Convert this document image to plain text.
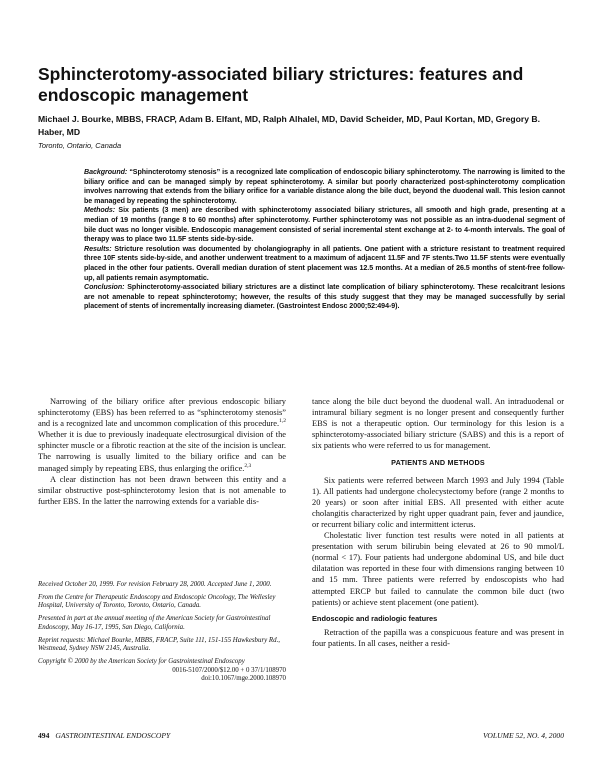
Sphincterotomy-associated biliary strictures: features and endoscopic management
Michael J. Bourke, MBBS, FRACP, Adam B. Elfant, MD, Ralph Alhalel, MD, David Scheider, MD, Paul Kortan, MD, Gregory B. Haber, MD
Toronto, Ontario, Canada

Background: “Sphincterotomy stenosis” is a recognized late complication of endoscopic biliary sphincterotomy. The narrowing is limited to the biliary orifice and can be managed simply by repeat sphincterotomy. A similar but poorly characterized post-sphincterotomy complication involves narrowing that extends from the biliary orifice for a variable distance along the bile duct, beyond the duodenal wall. This lesion cannot be managed by repeating the sphincterotomy.

Methods: Six patients (3 men) are described with sphincterotomy associated biliary strictures, all smooth and high grade, presenting at a median of 19 months (range 8 to 60 months) after sphincterotomy. Further sphincterotomy was not possible as an intra-duodenal segment of bile duct was no longer visible. Endoscopic management consisted of serial incremental stent exchange at 2- to 4-month intervals. The goal of therapy was to place two 11.5F stents side-by-side.

Results: Stricture resolution was documented by cholangiography in all patients. One patient with a stricture resistant to treatment required three 10F stents side-by-side, and another underwent treatment to a maximum of adjacent 11.5F and 7F stents.Two 11.5F stents were eventually placed in the other four patients. Overall median duration of stent placement was 12.5 months. At a median of 26.5 months of stent-free follow-up, all patients remain asymptomatic.

Conclusion: Sphincterotomy-associated biliary strictures are a distinct late complication of biliary sphincterotomy. These recalcitrant lesions are not amenable to repeat sphincterotomy; however, the results of this study suggest that they may be managed successfully by serial placement of stents of incrementally increasing diameter. (Gastrointest Endosc 2000;52:494-9).

Narrowing of the biliary orifice after previous endoscopic biliary sphincterotomy (EBS) has been referred to as “sphincterotomy stenosis” and is a recognized late and uncommon complication of this procedure.$^{1,2}$ Whether it is due to previously inadequate electrosurgical division of the sphincter muscle or a fibrotic reaction at the site of the incision is unclear. The narrowing is usually limited to the biliary orifice and can be managed simply by repeating EBS, thus enlarging the orifice.$^{2,3}$

A clear distinction has not been drawn between this entity and a similar obstructive post-sphincterotomy lesion that is not amenable to further EBS. In the latter the narrowing extends for a variable dis-

tance along the bile duct beyond the duodenal wall. An intraduodenal or intramural biliary segment is no longer present and consequently further EBS is not a therapeutic option. Our terminology for this lesion is a sphincterotomy-associated biliary stricture (SABS) and this is a report of six patients who were referred to us for management.

PATIENTS AND METHODS

Six patients were referred between March 1993 and July 1994 (Table 1). All patients had undergone cholecystectomy before (range 2 months to 20 years) or soon after initial EBS. All presented with either acute cholangitis characterized by right upper quadrant pain, fever and jaundice, or recurrent biliary colic and intermittent icterus.

Cholestatic liver function test results were noted in all patients at presentation with serum bilirubin being elevated at 26 to 90 mmol/L (normal < 17). Four patients had undergone abdominal US, and bile duct dilatation was reported in these four with dimensions ranging between 10 and 15 mm. Three patients were referred by endoscopists who had attempted ERCP but failed to cannulate the common bile duct (two patients) or achieve stent placement (one patient).

Endoscopic and radiologic features

Retraction of the papilla was a conspicuous feature and was present in four patients. In all cases, neither a resid-

Received October 20, 1999. For revision February 28, 2000. Accepted June 1, 2000.

From the Centre for Therapeutic Endoscopy and Endoscopic Oncology, The Wellesley Hospital, University of Toronto, Toronto, Ontario, Canada.

Presented in part at the annual meeting of the American Society for Gastrointestinal Endoscopy, May 16-17, 1995, San Diego, California.

Reprint requests: Michael Bourke, MBBS, FRACP, Suite 111, 151-155 Hawkesbury Rd., Westmead, Sydney NSW 2145, Australia.

Copyright © 2000 by the American Society for Gastrointestinal Endoscopy

0016-5107/2000/$12.00 + 0 37/1/108970
doi:10.1067/mge.2000.108970
494 GASTROINTESTINAL ENDOSCOPY	VOLUME 52, NO. 4, 2000
